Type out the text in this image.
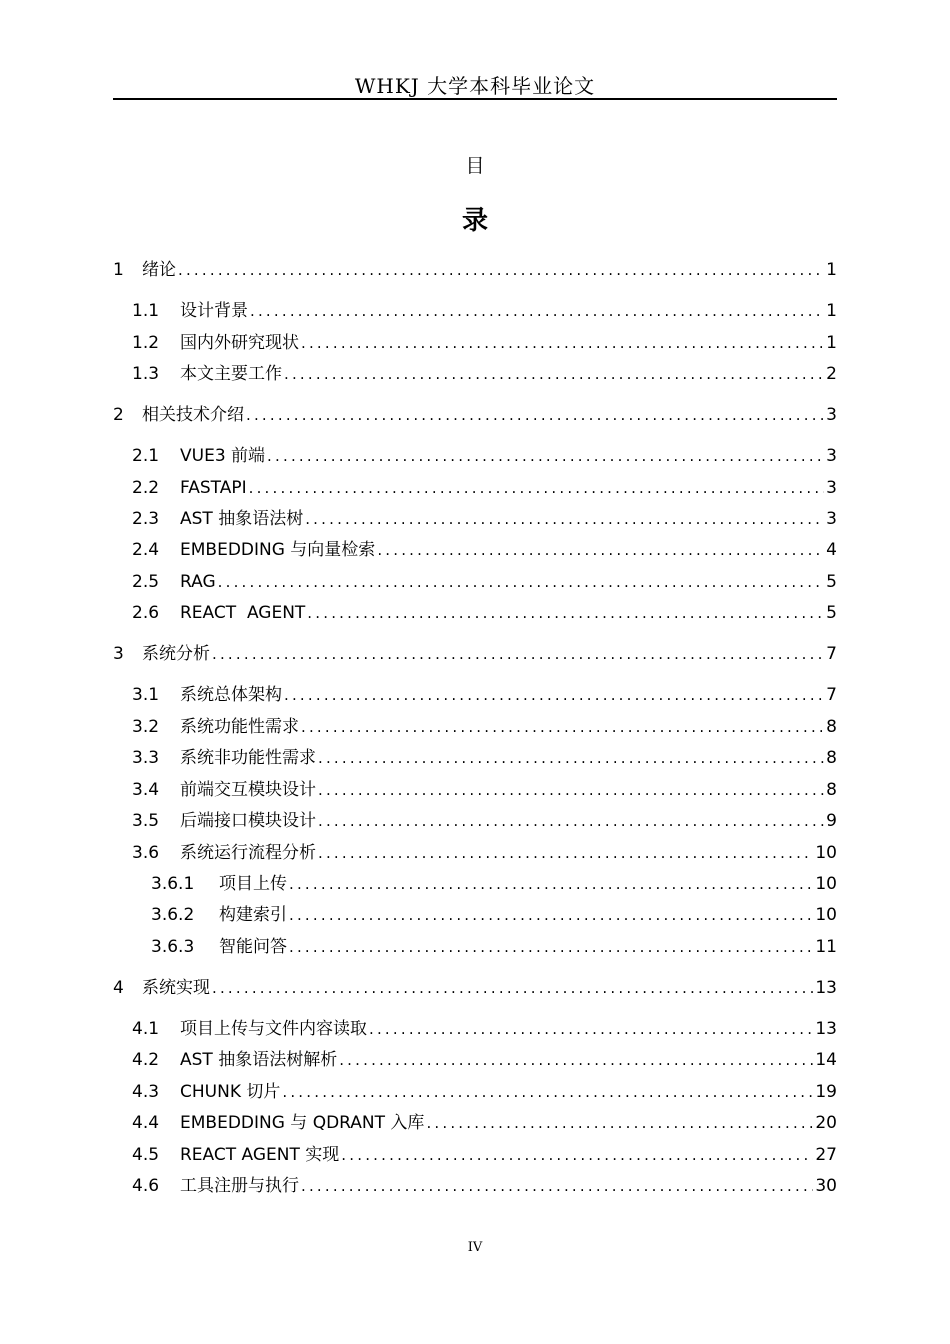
WHKJ 大学本科毕业论文
目
录
1	绪论 .....	1
1.1	设计背景 .....	1
1.2	国内外研究现状 .....	1
1.3	本文主要工作 .....	2
2	相关技术介绍 .....	3
2.1	VUE3 前端 .....	3
2.2	FASTAPI .....	3
2.3	AST 抽象语法树 .....	3
2.4	EMBEDDING 与向量检索 .....	4
2.5	RAG .....	5
2.6	REACT  AGENT .....	5
3	系统分析 .....	7
3.1	系统总体架构 .....	7
3.2	系统功能性需求 .....	8
3.3	系统非功能性需求 .....	8
3.4	前端交互模块设计 .....	8
3.5	后端接口模块设计 .....	9
3.6	系统运行流程分析 .....	10
3.6.1	项目上传 .....	10
3.6.2	构建索引 .....	10
3.6.3	智能问答 .....	11
4	系统实现 .....	13
4.1	项目上传与文件内容读取 .....	13
4.2	AST 抽象语法树解析 .....	14
4.3	CHUNK 切片 .....	19
4.4	EMBEDDING 与 QDRANT 入库 .....	20
4.5	REACT AGENT 实现 .....	27
4.6	工具注册与执行 .....	30
IV
